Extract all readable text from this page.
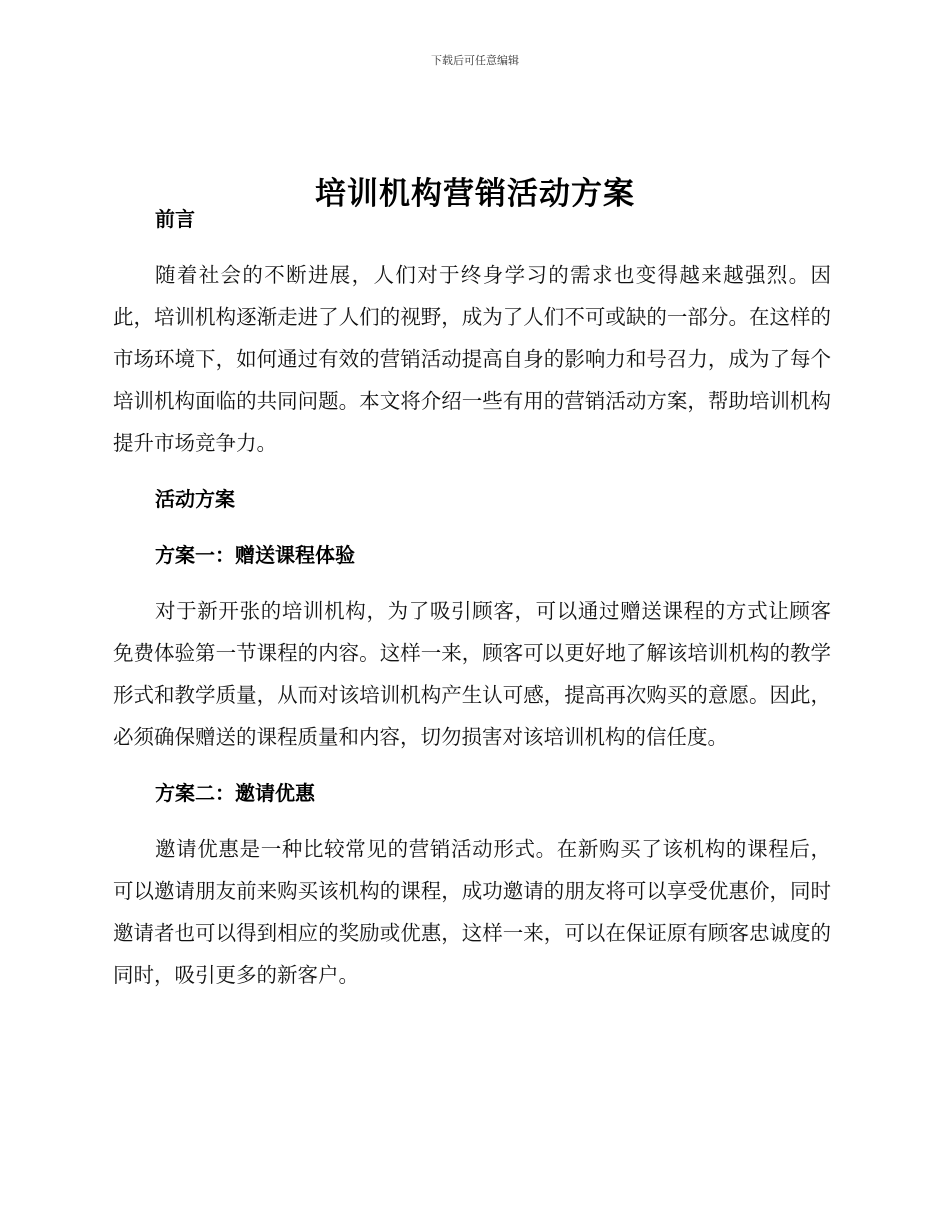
下载后可任意编辑
培训机构营销活动方案
前言

随着社会的不断进展，人们对于终身学习的需求也变得越来越强烈。因此，培训机构逐渐走进了人们的视野，成为了人们不可或缺的一部分。在这样的市场环境下，如何通过有效的营销活动提高自身的影响力和号召力，成为了每个培训机构面临的共同问题。本文将介绍一些有用的营销活动方案，帮助培训机构提升市场竞争力。

活动方案
方案一：赠送课程体验

对于新开张的培训机构，为了吸引顾客，可以通过赠送课程的方式让顾客免费体验第一节课程的内容。这样一来，顾客可以更好地了解该培训机构的教学形式和教学质量，从而对该培训机构产生认可感，提高再次购买的意愿。因此，必须确保赠送的课程质量和内容，切勿损害对该培训机构的信任度。

方案二：邀请优惠

邀请优惠是一种比较常见的营销活动形式。在新购买了该机构的课程后，可以邀请朋友前来购买该机构的课程，成功邀请的朋友将可以享受优惠价，同时邀请者也可以得到相应的奖励或优惠，这样一来，可以在保证原有顾客忠诚度的同时，吸引更多的新客户。
